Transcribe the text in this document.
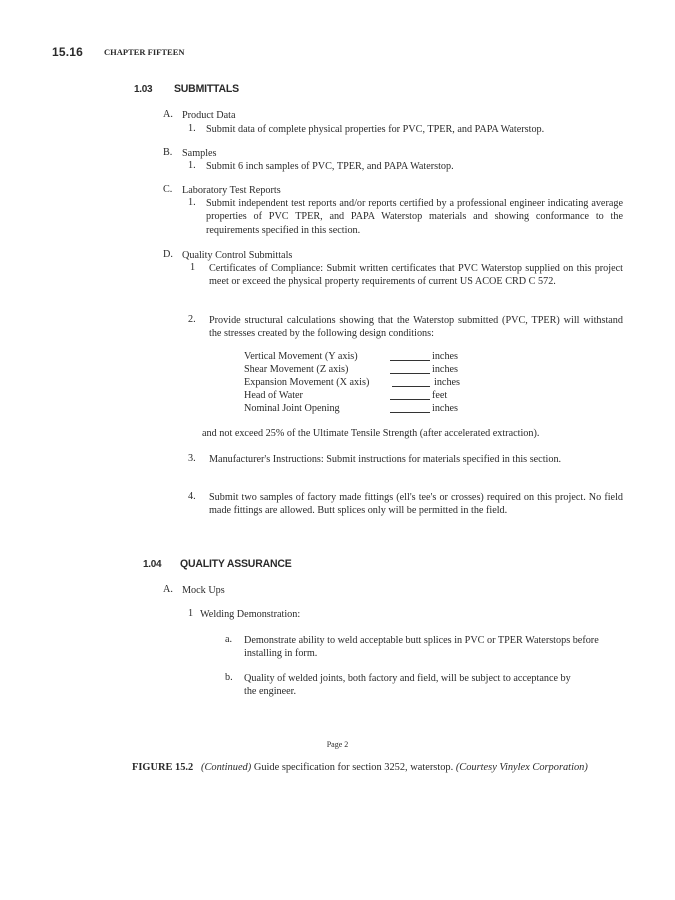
15.16 CHAPTER FIFTEEN
1.03 SUBMITTALS
A. Product Data
1. Submit data of complete physical properties for PVC, TPER, and PAPA Waterstop.
B. Samples
1. Submit 6 inch samples of PVC, TPER, and PAPA Waterstop.
C. Laboratory Test Reports
1. Submit independent test reports and/or reports certified by a professional engineer indicating average properties of PVC TPER, and PAPA Waterstop materials and showing conformance to the requirements specified in this section.
D. Quality Control Submittals
1 Certificates of Compliance: Submit written certificates that PVC Waterstop supplied on this project meet or exceed the physical property requirements of current US ACOE CRD C 572.
2. Provide structural calculations showing that the Waterstop submitted (PVC, TPER) will withstand the stresses created by the following design conditions:
Vertical Movement (Y axis)	inches
Shear Movement (Z axis)	inches
Expansion Movement (X axis)	inches
Head of Water	feet
Nominal Joint Opening	inches
and not exceed 25% of the Ultimate Tensile Strength (after accelerated extraction).
3. Manufacturer's Instructions: Submit instructions for materials specified in this section.
4. Submit two samples of factory made fittings (ell's tee's or crosses) required on this project. No field made fittings are allowed. Butt splices only will be permitted in the field.
1.04 QUALITY ASSURANCE
A. Mock Ups
1 Welding Demonstration:
a. Demonstrate ability to weld acceptable butt splices in PVC or TPER Waterstops before installing in form.
b. Quality of welded joints, both factory and field, will be subject to acceptance by the engineer.
Page 2
FIGURE 15.2 (Continued) Guide specification for section 3252, waterstop. (Courtesy Vinylex Corporation)
